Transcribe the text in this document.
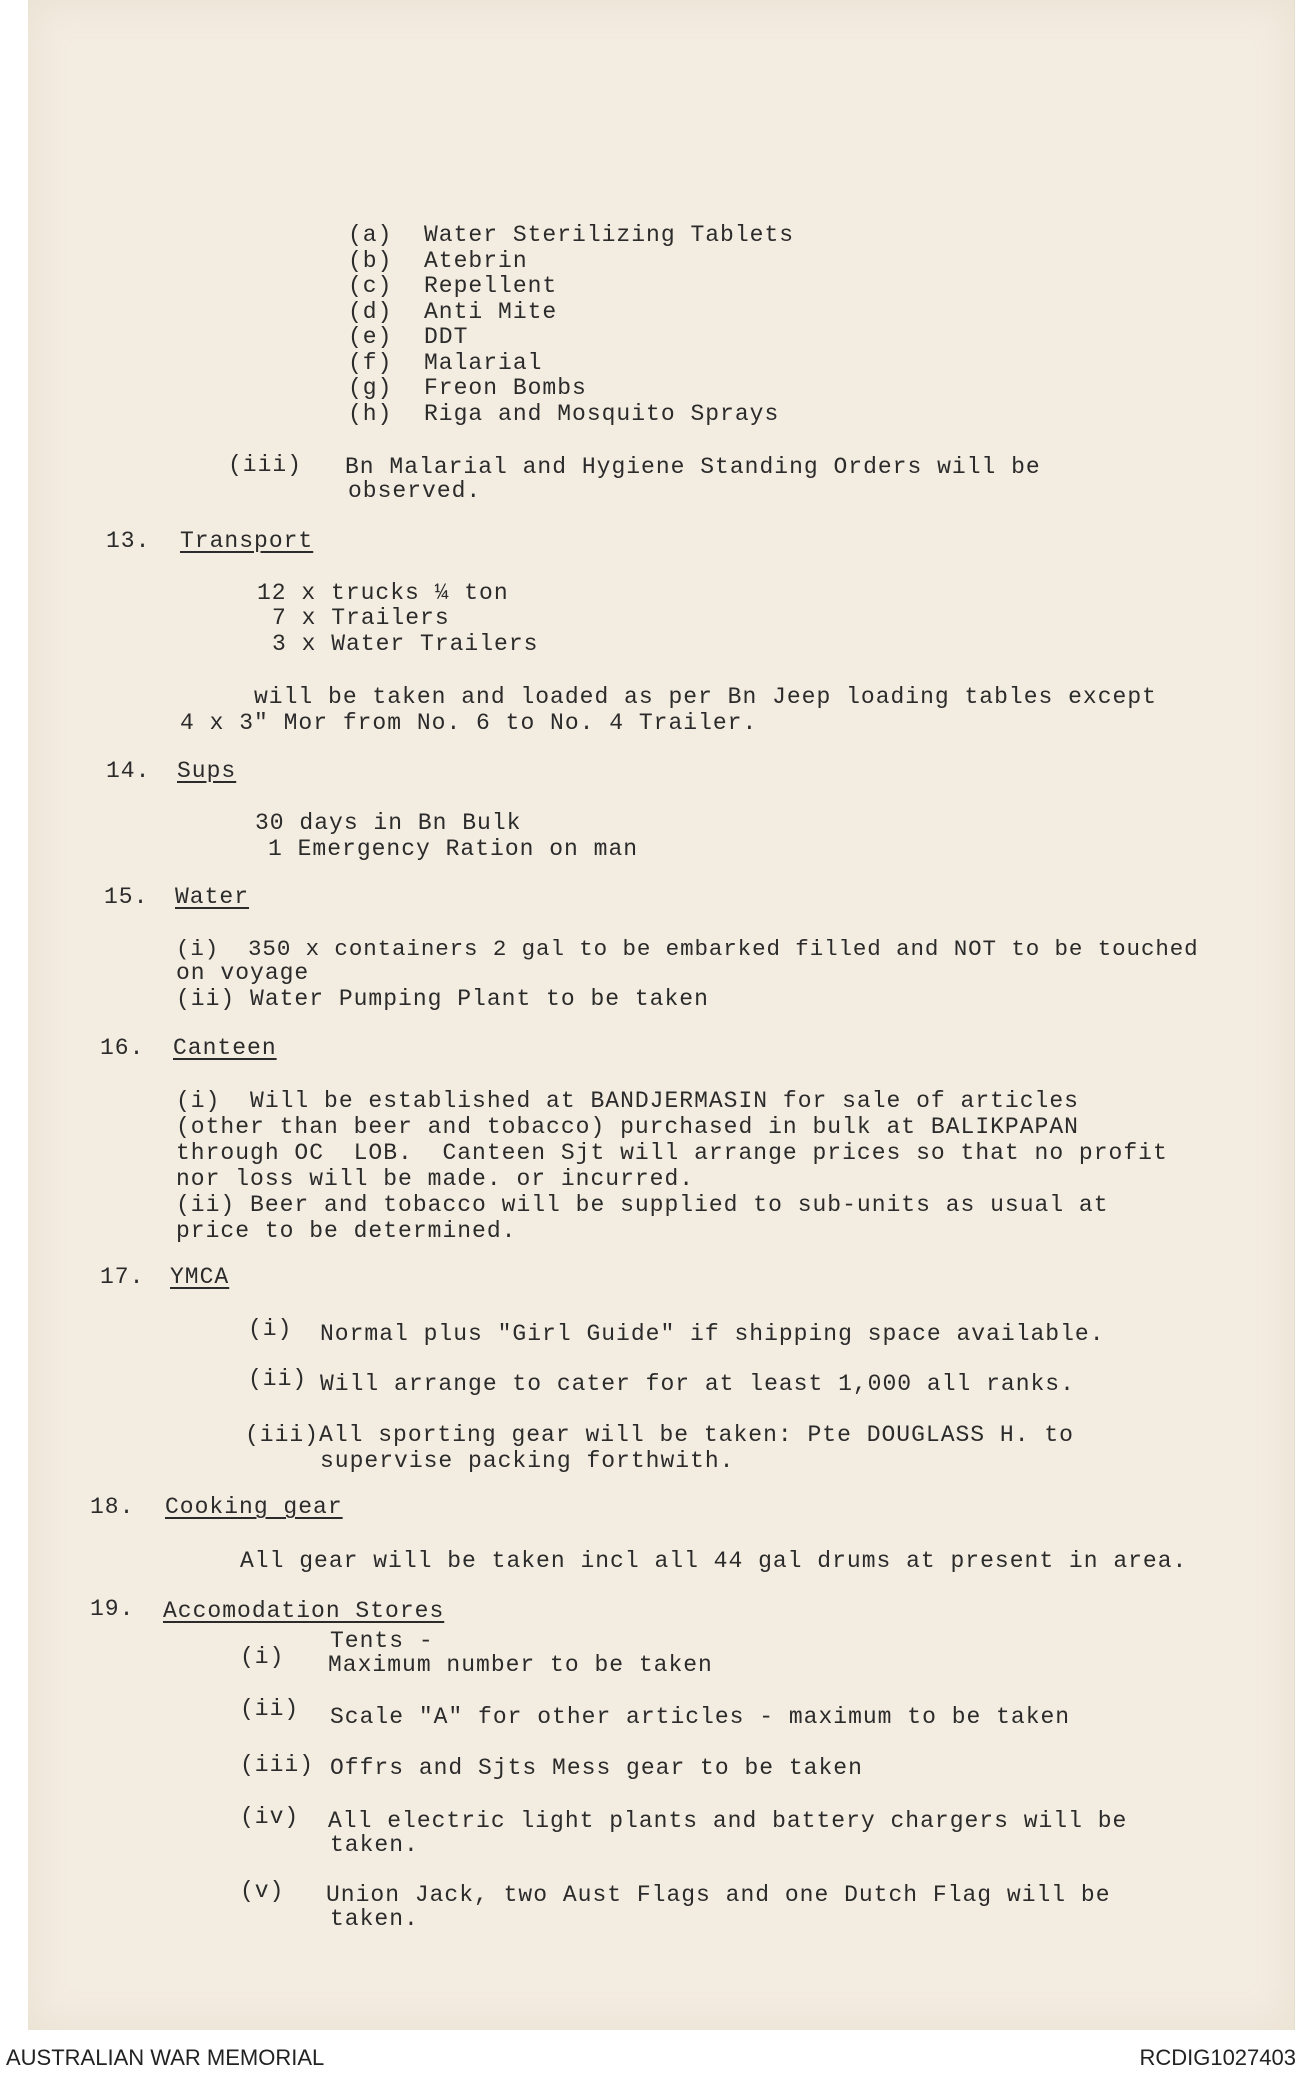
(a) Water Sterilizing Tablets
(b) Atebrin
(c) Repellent
(d) Anti Mite
(e) DDT
(f) Malarial
(g) Freon Bombs
(h) Riga and Mosquito Sprays
(iii) Bn Malarial and Hygiene Standing Orders will be
observed.
13. Transport
12 x trucks ¼ ton
7 x Trailers
3 x Water Trailers
will be taken and loaded as per Bn Jeep loading tables except
4 x 3" Mor from No. 6 to No. 4 Trailer.
14. Sups
30 days in Bn Bulk
1 Emergency Ration on man
15. Water
(i)  350 x containers 2 gal to be embarked filled and NOT to be touched
on voyage
(ii) Water Pumping Plant to be taken
16. Canteen
(i)  Will be established at BANDJERMASIN for sale of articles
(other than beer and tobacco) purchased in bulk at BALIKPAPAN
through OC  LOB.  Canteen Sjt will arrange prices so that no profit
nor loss will be made. or incurred.
(ii) Beer and tobacco will be supplied to sub-units as usual at
price to be determined.
17. YMCA
(i) Normal plus "Girl Guide" if shipping space available.
(ii) Will arrange to cater for at least 1,000 all ranks.
(iii)All sporting gear will be taken: Pte DOUGLASS H. to
supervise packing forthwith.
18. Cooking gear
All gear will be taken incl all 44 gal drums at present in area.
19. Accomodation Stores
(i)
Tents -
Maximum number to be taken
(ii) Scale "A" for other articles - maximum to be taken
(iii) Offrs and Sjts Mess gear to be taken
(iv) All electric light plants and battery chargers will be
taken.
(v) Union Jack, two Aust Flags and one Dutch Flag will be
taken.
AUSTRALIAN WAR MEMORIAL	RCDIG1027403
